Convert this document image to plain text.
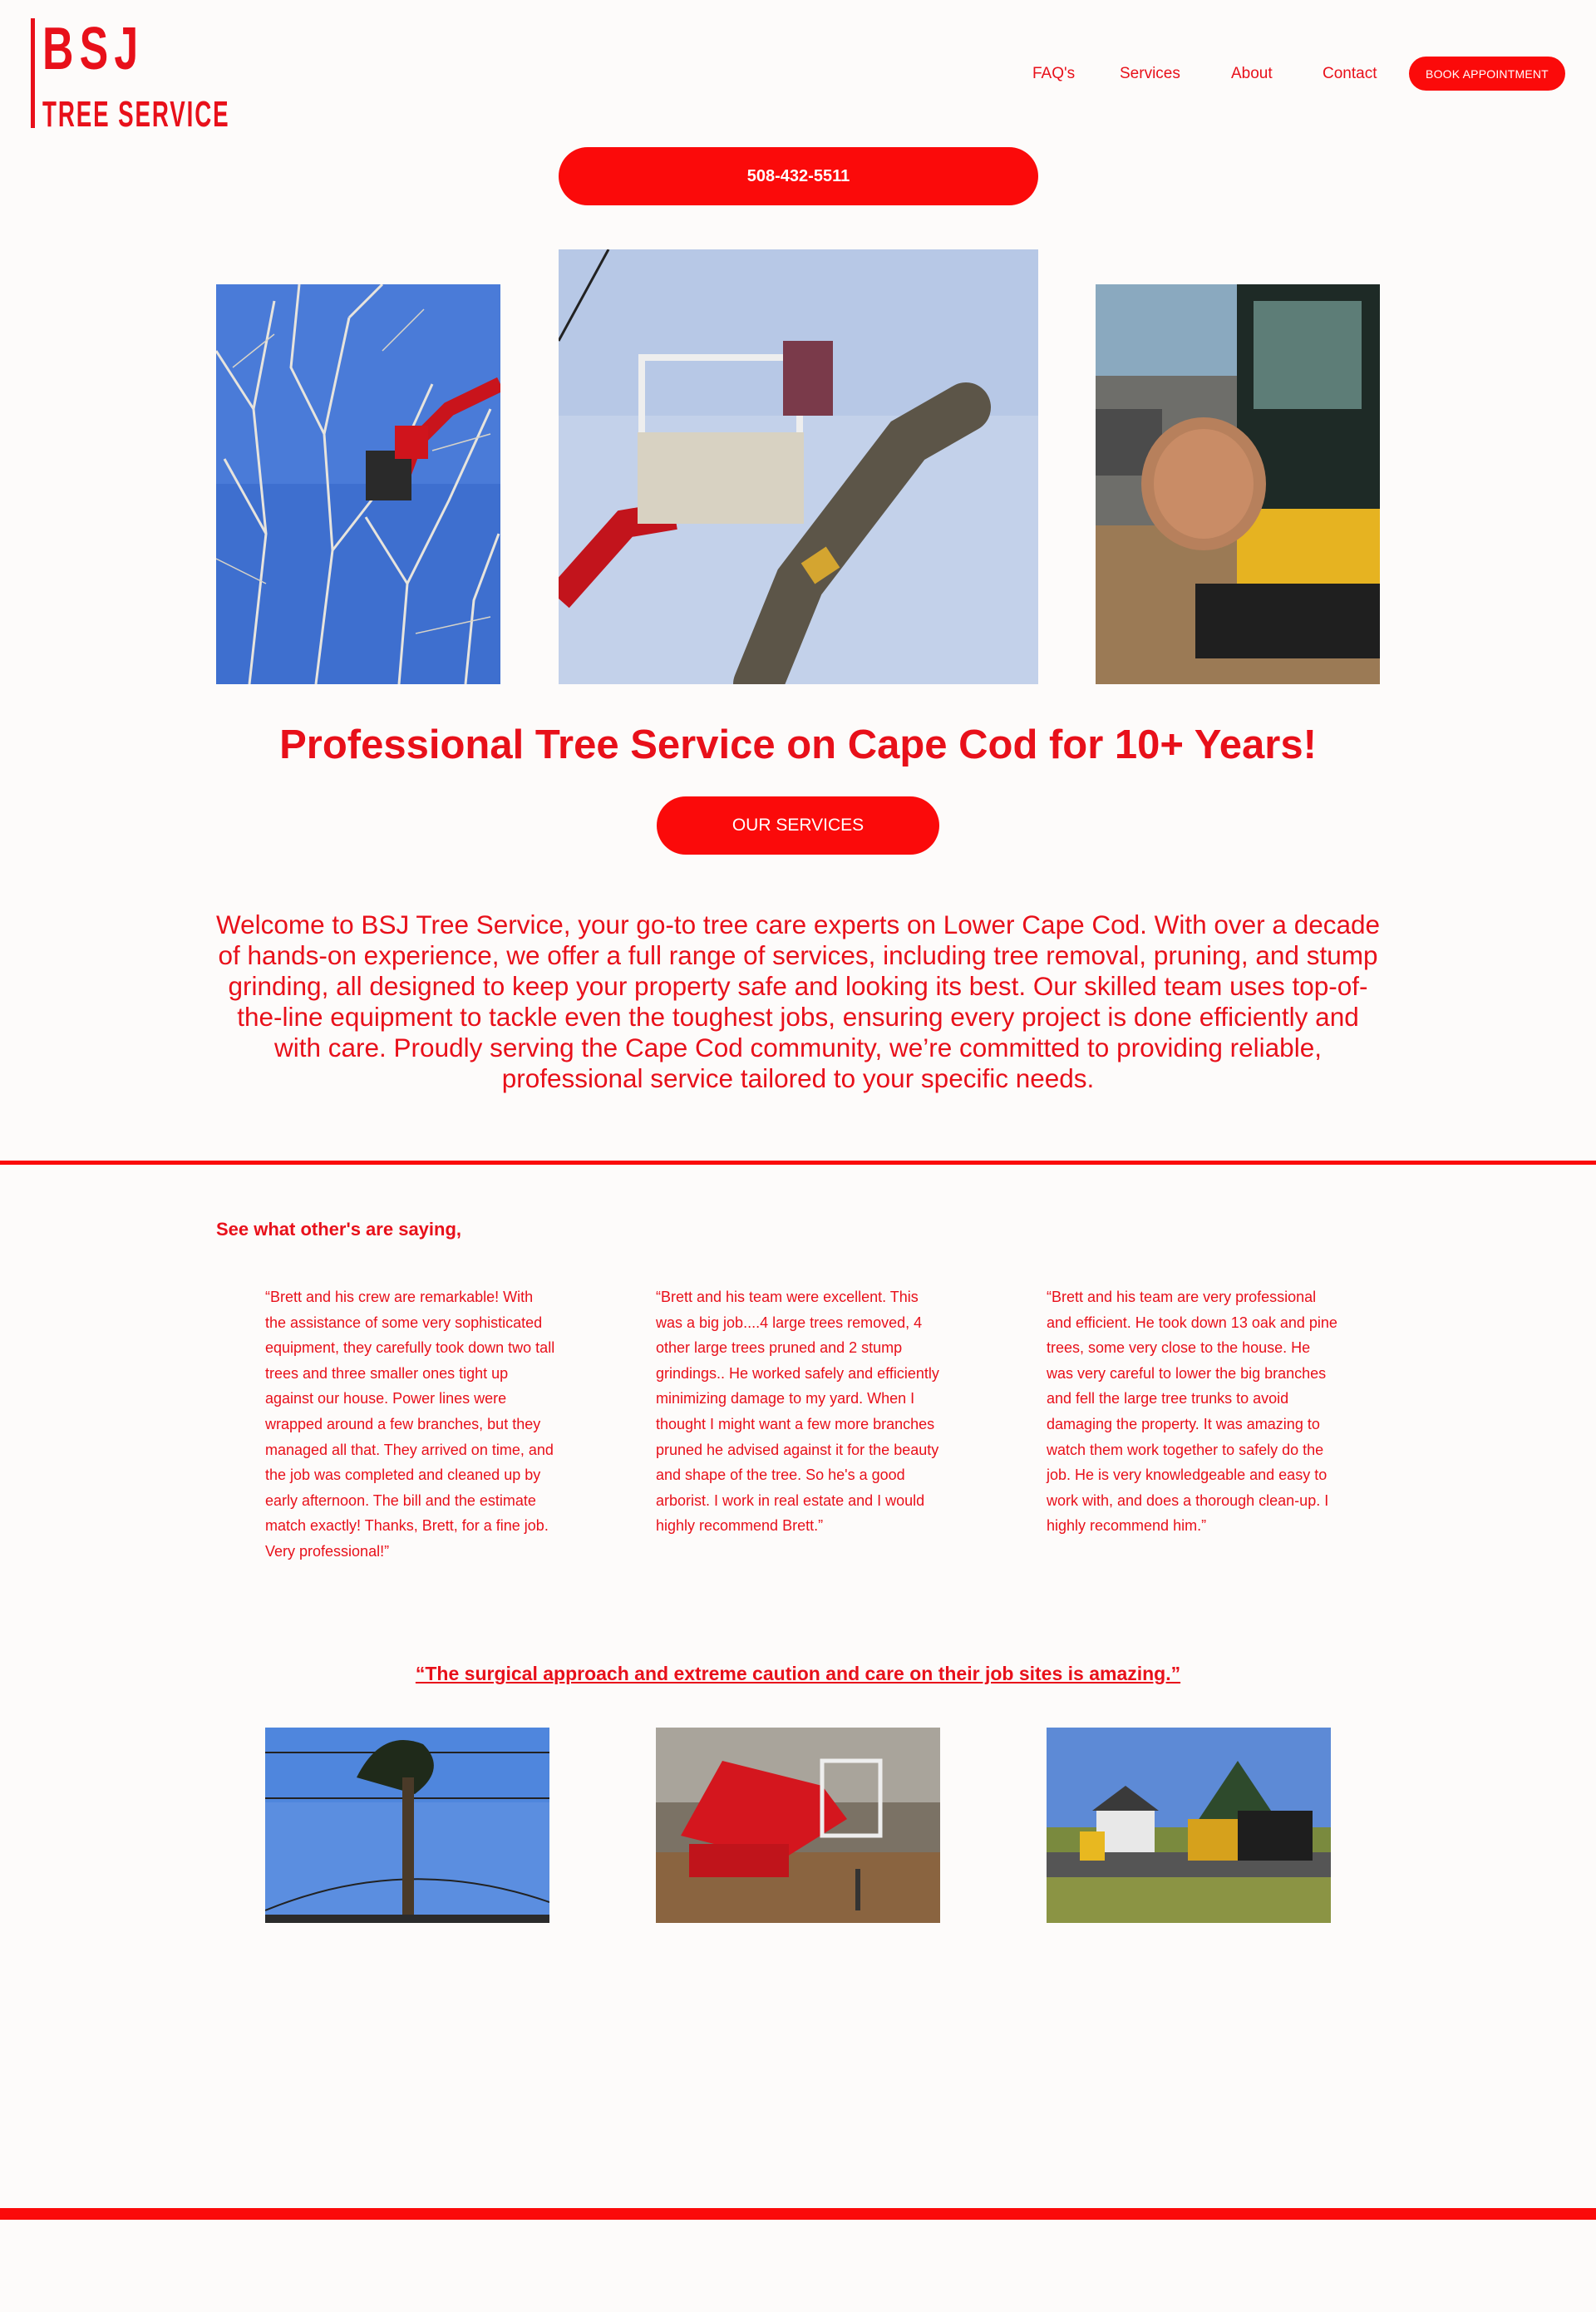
BSJ
TREE SERVICE
FAQ's	Services	About	Contact	BOOK APPOINTMENT
508-432-5511
Professional Tree Service on Cape Cod for 10+ Years!
OUR SERVICES

Welcome to BSJ Tree Service, your go-to tree care experts on Lower Cape Cod. With over a decade of hands-on experience, we offer a full range of services, including tree removal, pruning, and stump grinding, all designed to keep your property safe and looking its best. Our skilled team uses top-of-the-line equipment to tackle even the toughest jobs, ensuring every project is done efficiently and with care. Proudly serving the Cape Cod community, we’re committed to providing reliable, professional service tailored to your specific needs.

See what other's are saying,

“Brett and his crew are remarkable! With the assistance of some very sophisticated equipment, they carefully took down two tall trees and three smaller ones tight up against our house. Power lines were wrapped around a few branches, but they managed all that. They arrived on time, and the job was completed and cleaned up by early afternoon. The bill and the estimate match exactly! Thanks, Brett, for a fine job. Very professional!”

“Brett and his team were excellent. This was a big job....4 large trees removed, 4 other large trees pruned and 2 stump grindings.. He worked safely and efficiently minimizing damage to my yard. When I thought I might want a few more branches pruned he advised against it for the beauty and shape of the tree. So he's a good arborist. I work in real estate and I would highly recommend Brett.”

“Brett and his team are very professional and efficient. He took down 13 oak and pine trees, some very close to the house. He was very careful to lower the big branches and fell the large tree trunks to avoid damaging the property. It was amazing to watch them work together to safely do the job. He is very knowledgeable and easy to work with, and does a thorough clean-up. I highly recommend him.”

“The surgical approach and extreme caution and care on their job sites is amazing.”
